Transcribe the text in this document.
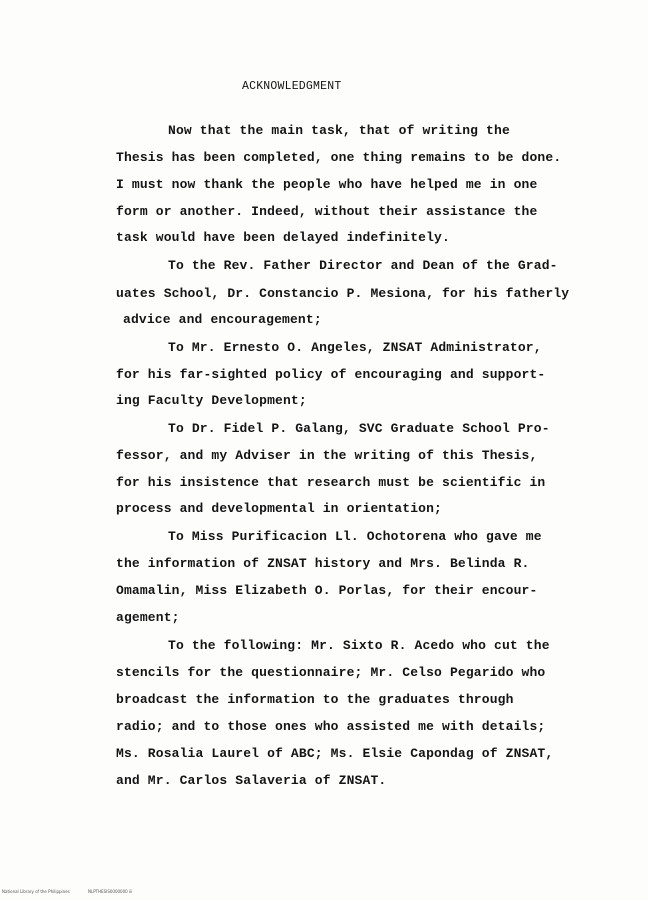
ACKNOWLEDGMENT
Now that the main task, that of writing the
Thesis has been completed, one thing remains to be done.
I must now thank the people who have helped me in one
form or another. Indeed, without their assistance the
task would have been delayed indefinitely.
To the Rev. Father Director and Dean of the Grad-
uates School, Dr. Constancio P. Mesiona, for his fatherly
advice and encouragement;
To Mr. Ernesto O. Angeles, ZNSAT Administrator,
for his far-sighted policy of encouraging and support-
ing Faculty Development;
To Dr. Fidel P. Galang, SVC Graduate School Pro-
fessor, and my Adviser in the writing of this Thesis,
for his insistence that research must be scientific in
process and developmental in orientation;
To Miss Purificacion Ll. Ochotorena who gave me
the information of ZNSAT history and Mrs. Belinda R.
Omamalin, Miss Elizabeth O. Porlas, for their encour-
agement;
To the following: Mr. Sixto R. Acedo who cut the
stencils for the questionnaire; Mr. Celso Pegarido who
broadcast the information to the graduates through
radio; and to those ones who assisted me with details;
Ms. Rosalia Laurel of ABC; Ms. Elsie Capondag of ZNSAT,
and Mr. Carlos Salaveria of ZNSAT.
National Library of the Philippines	NLPTHESIS0000000 iii
